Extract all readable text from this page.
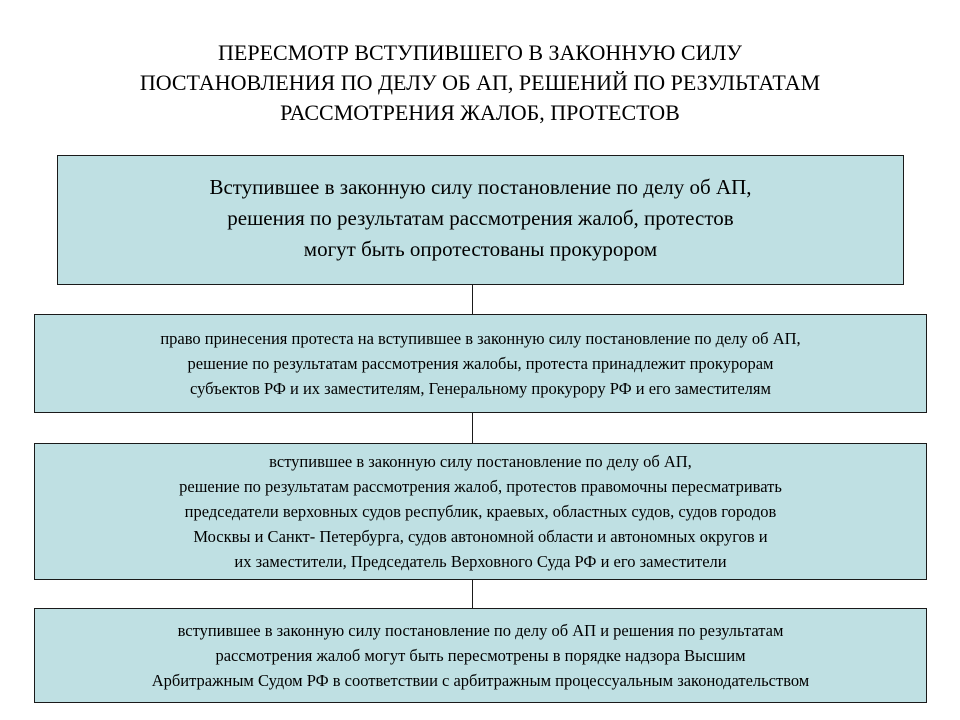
ПЕРЕСМОТР ВСТУПИВШЕГО В ЗАКОННУЮ СИЛУ
ПОСТАНОВЛЕНИЯ ПО ДЕЛУ ОБ АП, РЕШЕНИЙ ПО РЕЗУЛЬТАТАМ
РАССМОТРЕНИЯ ЖАЛОБ, ПРОТЕСТОВ
Вступившее в законную силу постановление по делу об АП,
решения по результатам рассмотрения жалоб, протестов
могут быть опротестованы прокурором
право принесения протеста на вступившее в законную силу постановление по делу об АП,
решение по результатам рассмотрения жалобы, протеста принадлежит прокурорам
субъектов РФ и их заместителям, Генеральному прокурору РФ и его заместителям
вступившее в законную силу постановление по делу об АП,
решение по результатам рассмотрения жалоб, протестов правомочны пересматривать
председатели верховных судов республик, краевых, областных судов, судов городов
Москвы и Санкт- Петербурга, судов автономной области и автономных округов и
их заместители, Председатель Верховного Суда РФ и его заместители
вступившее в законную силу постановление по делу об АП и решения по результатам
рассмотрения жалоб могут быть пересмотрены в порядке надзора Высшим
Арбитражным Судом РФ в соответствии с арбитражным процессуальным законодательством
